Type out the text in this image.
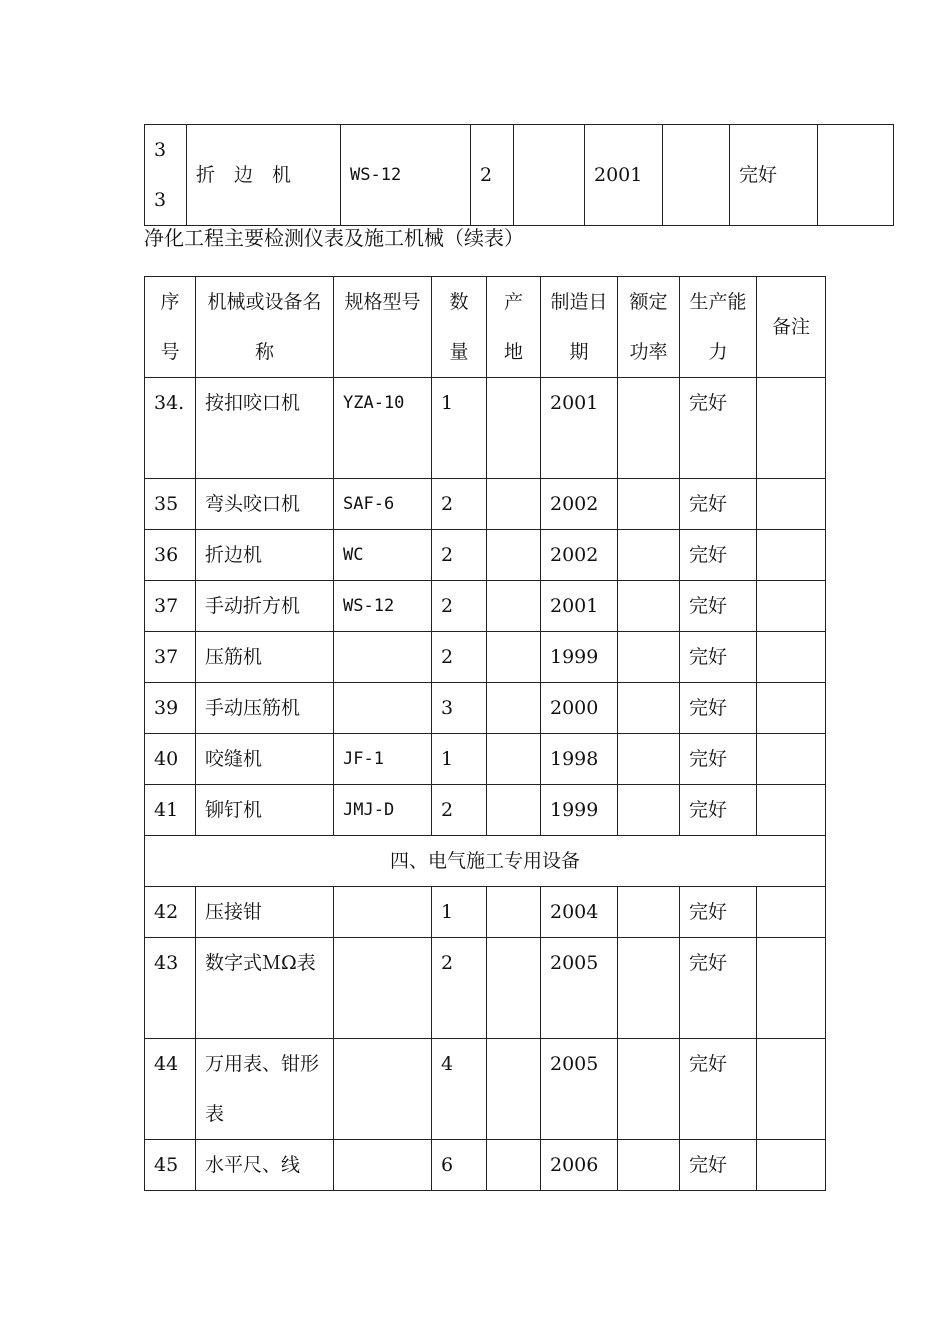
33	折　边　机	WS-12	2		2001		完好	
净化工程主要检测仪表及施工机械（续表）
序号	机械或设备名称	规格型号	数量	产地	制造日期	额定功率	生产能力	备注
34.	按扣咬口机	YZA-10	1		2001		完好	
35	弯头咬口机	SAF-6	2		2002		完好	
36	折边机	WC	2		2002		完好	
37	手动折方机	WS-12	2		2001		完好	
37	压筋机		2		1999		完好	
39	手动压筋机		3		2000		完好	
40	咬缝机	JF-1	1		1998		完好	
41	铆钉机	JMJ-D	2		1999		完好	
四、电气施工专用设备								
42	压接钳		1		2004		完好	
43	数字式ＭΩ表		2		2005		完好	
44	万用表、钳形表		4		2005		完好	
45	水平尺、线		6		2006		完好	
